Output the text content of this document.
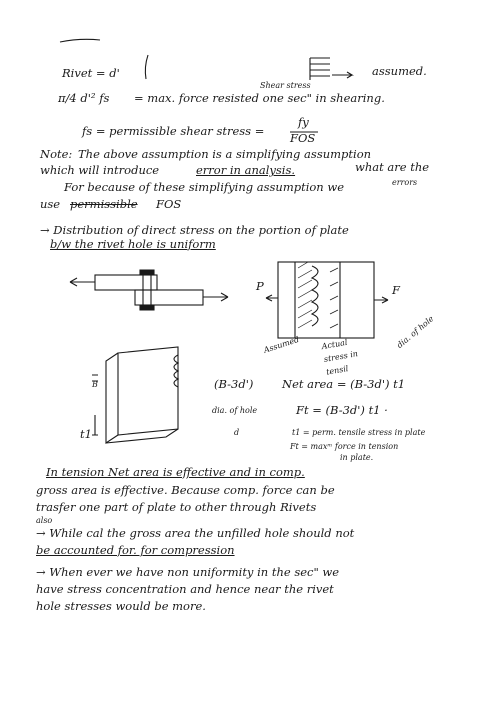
Rivet = d'	assumed.
Shear stress
π/4 d'² fs = max. force resisted one sec" in shearing.
fs = permissible shear stress =
fy
FOS
Note: The above assumption is a simplifying assumption
which will introduce	error in analysis.	what are the
errors
For because of these simplifying assumption we
use permissible FOS
→ Distribution of direct stress on the portion of plate
b/w the rivet hole is uniform
P	F
Assumed	Actual stress in tensil
dia. of hole
B
t1
(B-3d') Net area = (B-3d') t1
Ft = (B-3d') t1 ·
dia. of hole
d	t1 = perm. tensile stress in plate
Ft = maxᵐ force in tension
in plate.
In tension Net area is effective and in comp.
gross area is effective. Because comp. force can be
trasfer one part of plate to other through Rivets
also
→ While cal the gross area the unfilled hole should not
be accounted for. for compression
→ When ever we have non uniformity in the sec" we
have stress concentration and hence near the rivet
hole stresses would be more.
